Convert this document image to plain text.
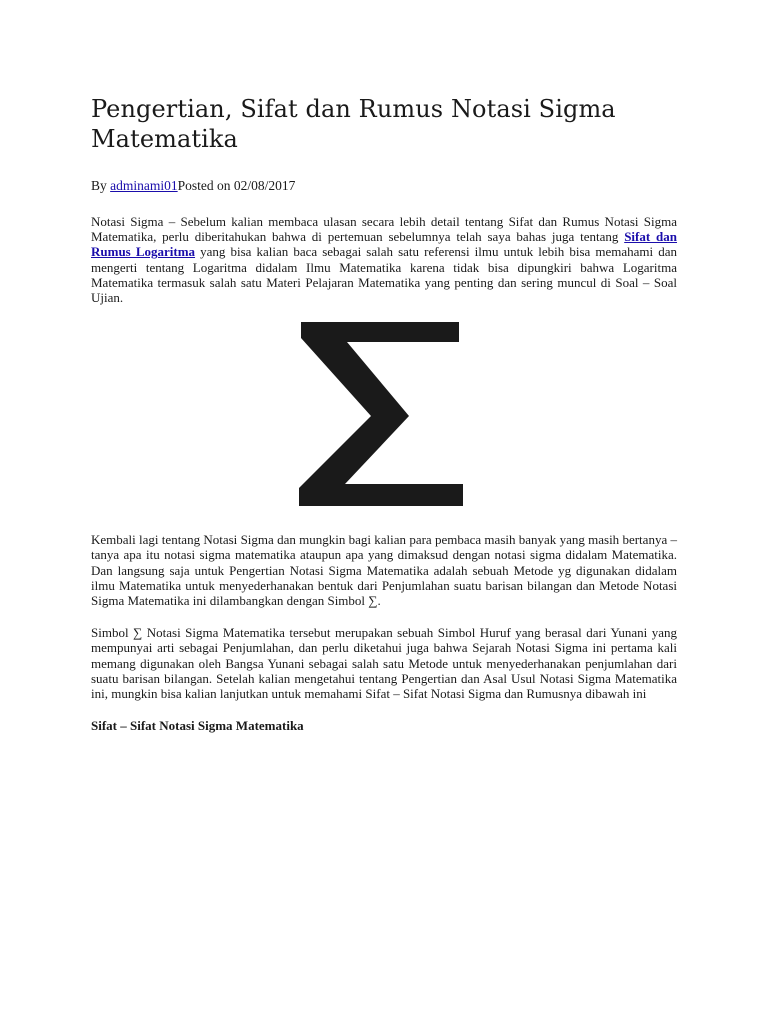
Pengertian, Sifat dan Rumus Notasi Sigma Matematika

By adminami01Posted on 02/08/2017

Notasi Sigma – Sebelum kalian membaca ulasan secara lebih detail tentang Sifat dan Rumus Notasi Sigma Matematika, perlu diberitahukan bahwa di pertemuan sebelumnya telah saya bahas juga tentang Sifat dan Rumus Logaritma yang bisa kalian baca sebagai salah satu referensi ilmu untuk lebih bisa memahami dan mengerti tentang Logaritma didalam Ilmu Matematika karena tidak bisa dipungkiri bahwa Logaritma Matematika termasuk salah satu Materi Pelajaran Matematika yang penting dan sering muncul di Soal – Soal Ujian.

Kembali lagi tentang Notasi Sigma dan mungkin bagi kalian para pembaca masih banyak yang masih bertanya – tanya apa itu notasi sigma matematika ataupun apa yang dimaksud dengan notasi sigma didalam Matematika. Dan langsung saja untuk Pengertian Notasi Sigma Matematika adalah sebuah Metode yg digunakan didalam ilmu Matematika untuk menyederhanakan bentuk dari Penjumlahan suatu barisan bilangan dan Metode Notasi Sigma Matematika ini dilambangkan dengan Simbol ∑.

Simbol ∑ Notasi Sigma Matematika tersebut merupakan sebuah Simbol Huruf yang berasal dari Yunani yang mempunyai arti sebagai Penjumlahan, dan perlu diketahui juga bahwa Sejarah Notasi Sigma ini pertama kali memang digunakan oleh Bangsa Yunani sebagai salah satu Metode untuk menyederhanakan penjumlahan dari suatu barisan bilangan. Setelah kalian mengetahui tentang Pengertian dan Asal Usul Notasi Sigma Matematika ini, mungkin bisa kalian lanjutkan untuk memahami Sifat – Sifat Notasi Sigma dan Rumusnya dibawah ini

Sifat – Sifat Notasi Sigma Matematika
